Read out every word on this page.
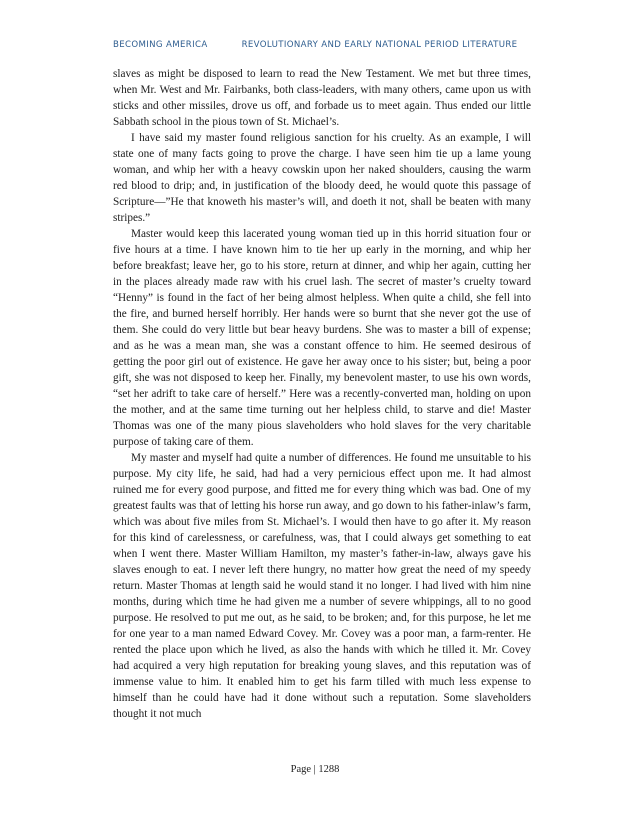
BECOMING AMERICA	REVOLUTIONARY AND EARLY NATIONAL PERIOD LITERATURE

slaves as might be disposed to learn to read the New Testament. We met but three times, when Mr. West and Mr. Fairbanks, both class-leaders, with many others, came upon us with sticks and other missiles, drove us off, and forbade us to meet again. Thus ended our little Sabbath school in the pious town of St. Michael’s.

I have said my master found religious sanction for his cruelty. As an example, I will state one of many facts going to prove the charge. I have seen him tie up a lame young woman, and whip her with a heavy cowskin upon her naked shoulders, causing the warm red blood to drip; and, in justification of the bloody deed, he would quote this passage of Scripture—”He that knoweth his master’s will, and doeth it not, shall be beaten with many stripes.”

Master would keep this lacerated young woman tied up in this horrid situation four or five hours at a time. I have known him to tie her up early in the morning, and whip her before breakfast; leave her, go to his store, return at dinner, and whip her again, cutting her in the places already made raw with his cruel lash. The secret of master’s cruelty toward “Henny” is found in the fact of her being almost helpless. When quite a child, she fell into the fire, and burned herself horribly. Her hands were so burnt that she never got the use of them. She could do very little but bear heavy burdens. She was to master a bill of expense; and as he was a mean man, she was a constant offence to him. He seemed desirous of getting the poor girl out of existence. He gave her away once to his sister; but, being a poor gift, she was not disposed to keep her. Finally, my benevolent master, to use his own words, “set her adrift to take care of herself.” Here was a recently-converted man, holding on upon the mother, and at the same time turning out her helpless child, to starve and die! Master Thomas was one of the many pious slaveholders who hold slaves for the very charitable purpose of taking care of them.

My master and myself had quite a number of differences. He found me unsuitable to his purpose. My city life, he said, had had a very pernicious effect upon me. It had almost ruined me for every good purpose, and fitted me for every thing which was bad. One of my greatest faults was that of letting his horse run away, and go down to his father-inlaw’s farm, which was about five miles from St. Michael’s. I would then have to go after it. My reason for this kind of carelessness, or carefulness, was, that I could always get something to eat when I went there. Master William Hamilton, my master’s father-in-law, always gave his slaves enough to eat. I never left there hungry, no matter how great the need of my speedy return. Master Thomas at length said he would stand it no longer. I had lived with him nine months, during which time he had given me a number of severe whippings, all to no good purpose. He resolved to put me out, as he said, to be broken; and, for this purpose, he let me for one year to a man named Edward Covey. Mr. Covey was a poor man, a farm-renter. He rented the place upon which he lived, as also the hands with which he tilled it. Mr. Covey had acquired a very high reputation for breaking young slaves, and this reputation was of immense value to him. It enabled him to get his farm tilled with much less expense to himself than he could have had it done without such a reputation. Some slaveholders thought it not much

Page | 1288
